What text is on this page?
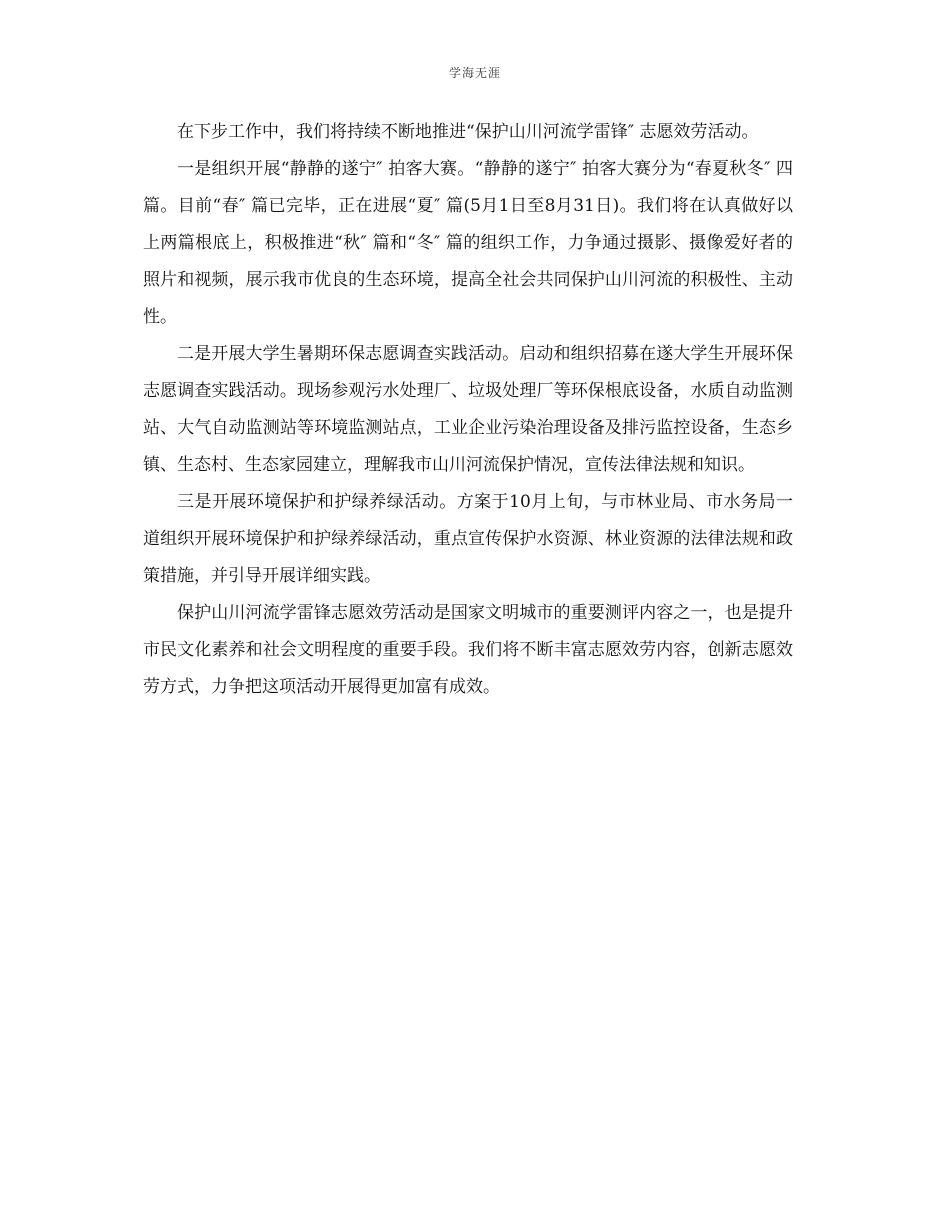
学海无涯

在下步工作中，我们将持续不断地推进“保护山川河流学雷锋″ 志愿效劳活动。

一是组织开展“静静的遂宁″ 拍客大赛。“静静的遂宁″ 拍客大赛分为“春夏秋冬″ 四篇。目前“春″ 篇已完毕，正在进展“夏″ 篇(5月1日至8月31日)。我们将在认真做好以上两篇根底上，积极推进“秋″ 篇和“冬″ 篇的组织工作，力争通过摄影、摄像爱好者的照片和视频，展示我市优良的生态环境，提高全社会共同保护山川河流的积极性、主动性。

二是开展大学生暑期环保志愿调查实践活动。启动和组织招募在遂大学生开展环保志愿调查实践活动。现场参观污水处理厂、垃圾处理厂等环保根底设备，水质自动监测站、大气自动监测站等环境监测站点，工业企业污染治理设备及排污监控设备，生态乡镇、生态村、生态家园建立，理解我市山川河流保护情况，宣传法律法规和知识。

三是开展环境保护和护绿养绿活动。方案于10月上旬，与市林业局、市水务局一道组织开展环境保护和护绿养绿活动，重点宣传保护水资源、林业资源的法律法规和政策措施，并引导开展详细实践。

保护山川河流学雷锋志愿效劳活动是国家文明城市的重要测评内容之一，也是提升市民文化素养和社会文明程度的重要手段。我们将不断丰富志愿效劳内容，创新志愿效劳方式，力争把这项活动开展得更加富有成效。
